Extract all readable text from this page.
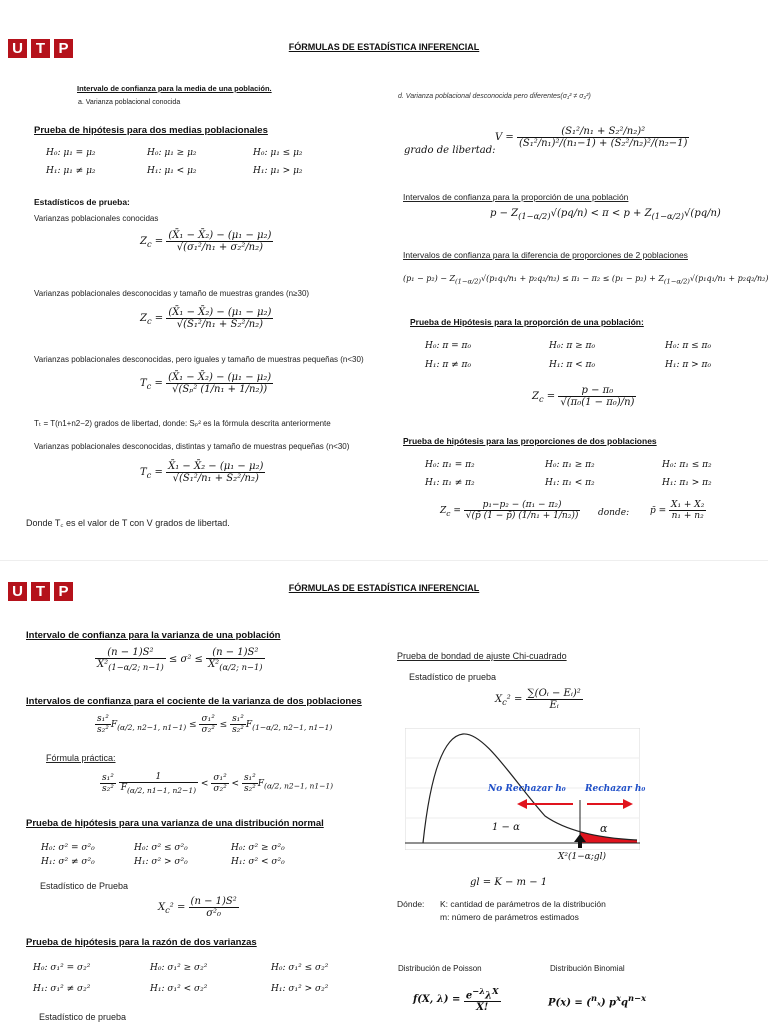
U T P	FÓRMULAS DE ESTADÍSTICA INFERENCIAL
Intervalo de confianza para la media de una población.
a. Varianza poblacional conocida
Prueba de hipótesis para dos medias poblacionales
H₀: μ₁ = μ₂	H₀: μ₁ ≥ μ₂	H₀: μ₁ ≤ μ₂
H₁: μ₁ ≠ μ₂	H₁: μ₁ < μ₂	H₁: μ₁ > μ₂
Estadísticos de prueba:
Varianzas poblacionales conocidas
$Z_c = \frac{\text{(X̄₁ − X̄₂) − (μ₁ − μ₂)}}{\text{√(σ₁²/n₁ + σ₂²/n₂)}}$
Varianzas poblacionales desconocidas y tamaño de muestras grandes (n≥30)
$Z_c = \frac{\text{(X̄₁ − X̄₂) − (μ₁ − μ₂)}}{\text{√(S₁²/n₁ + S₂²/n₂)}}$
Varianzas poblacionales desconocidas, pero iguales y tamaño de muestras pequeñas (n<30)
$T_c = \frac{\text{(X̄₁ − X̄₂) − (μ₁ − μ₂)}}{\text{√(Sₚ² (1/n₁ + 1/n₂))}}$
Tₜ = T(n1+n2−2) grados de libertad, donde: Sₚ² es la fórmula descrita anteriormente
Varianzas poblacionales desconocidas, distintas y tamaño de muestras pequeñas (n<30)
$T_c = \frac{\text{X̄₁ − X̄₂ − (μ₁ − μ₂)}}{\text{√(S₁²/n₁ + S₂²/n₂)}}$
Donde T꜀ es el valor de T con V grados de libertad.
d. Varianza poblacional desconocida pero diferentes(σ₁² ≠ σ₂²)
grado de libertad:
$V = \frac{\text{(S₁²/n₁ + S₂²/n₂)²}}{\text{(S₁²/n₁)²/(n₁−1) + (S₂²/n₂)²/(n₂−1)}}$
Intervalos de confianza para la proporción de una población
$p - Z_{(1-\alpha/2)}√(pq/n) < \pi < p + Z_{(1-\alpha/2)}√(pq/n)$
Intervalos de confianza para la diferencia de proporciones de 2 poblaciones
$(p_1 - p_2) - Z_{(1-\alpha/2)}√(p_1q_1/n_1 + p_2q_2/n_2) \le \pi_1 - \pi_2 \le (p_1 - p_2) + Z_{(1-\alpha/2)}√(p_1q_1/n_1 + p_2q_2/n_2)$
Prueba de Hipótesis para la proporción de una población:
H₀: π = π₀	H₀: π ≥ π₀	H₀: π ≤ π₀
H₁: π ≠ π₀	H₁: π < π₀	H₁: π > π₀
$Z_c = \frac{\text{p − π₀}}{\text{√(π₀(1 − π₀)/n)}}$
Prueba de hipótesis para las proporciones de dos poblaciones
H₀: π₁ = π₂	H₀: π₁ ≥ π₂	H₀: π₁ ≤ π₂
H₁: π₁ ≠ π₂	H₁: π₁ < π₂	H₁: π₁ > π₂
$Z_c = \frac{\text{p₁−p₂ − (π₁ − π₂)}}{\text{√(p̄ (1 − p̄) (1/n₁ + 1/n₂))}}$ donde: p̄ = $\frac{\text{X₁ + X₂}}{\text{n₁ + n₂}}$
U T P	FÓRMULAS DE ESTADÍSTICA INFERENCIAL
Intervalo de confianza para la varianza de una población
$\frac{\text{(n − 1)S²}}{X^2_{(1-\alpha/2; n-1)}} \le \sigma^2 \le \frac{\text{(n − 1)S²}}{X^2_{(\alpha/2; n-1)}}$
Intervalos de confianza para el cociente de la varianza de dos poblaciones
$\frac{\text{s₁²}}{\text{s₂²}} F_{(\alpha/2, n2-1, n1-1)} \le \frac{\text{σ₁²}}{\text{σ₂²}} \le \frac{\text{s₁²}}{\text{s₂²}} F_{(1-\alpha/2, n2-1, n1-1)}$
Fórmula práctica:
$\frac{\text{s₁²}}{\text{s₂²}}$
$\frac{1}{F_{(\alpha/2, n1-1, n2-1)}} < \frac{\text{σ₁²}}{\text{σ₂²}} < \frac{\text{s₁²}}{\text{s₂²}} F_{(\alpha/2, n2-1, n1-1)}$
Prueba de hipótesis para una varianza de una distribución normal
H₀: σ² = σ²₀	H₀: σ² ≤ σ²₀	H₀: σ² ≥ σ²₀
H₁: σ² ≠ σ²₀	H₁: σ² > σ²₀	H₁: σ² < σ²₀
Estadístico de Prueba
$X_c^2 = \frac{\text{(n − 1)S²}}{\text{σ²₀}}$
Prueba de hipótesis para la razón de dos varianzas
H₀: σ₁² = σ₂²	H₀: σ₁² ≥ σ₂²	H₀: σ₁² ≤ σ₂²
H₁: σ₁² ≠ σ₂²	H₁: σ₁² < σ₂²	H₁: σ₁² > σ₂²
Estadístico de prueba
Prueba de bondad de ajuste Chi-cuadrado
Estadístico de prueba
$X_c^2 = \frac{\text{∑(Oᵢ − Eᵢ)²}}{\text{Eᵢ}}$
No Rechazar h₀ Rechazar h₀
1 − α	α
X²(1−α;gl)
gl = K − m − 1
Dónde: K: cantidad de parámetros de la distribución
m: número de parámetros estimados
Distribución de Poisson	Distribución Binomial
f(X, $\lambda) = \frac{e^{-\lambda}\lambda^X}{X!}$	P(x) = ($^n$ₓ) $p^xq^{n-x}$
